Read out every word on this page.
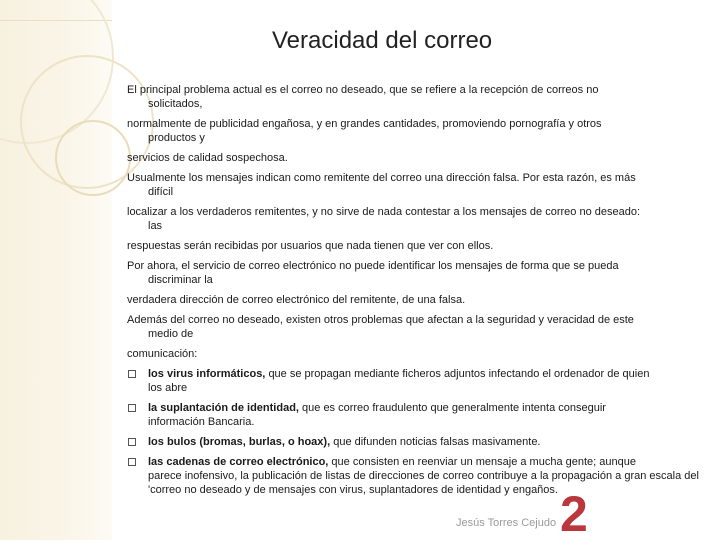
Veracidad del correo

El principal problema actual es el correo no deseado, que se refiere a la recepción de correos no
solicitados,

normalmente de publicidad engañosa, y en grandes cantidades, promoviendo pornografía y otros
productos y

servicios de calidad sospechosa.

Usualmente los mensajes indican como remitente del correo una dirección falsa. Por esta razón, es más
difícil

localizar a los verdaderos remitentes, y no sirve de nada contestar a los mensajes de correo no deseado:
las

respuestas serán recibidas por usuarios que nada tienen que ver con ellos.

Por ahora, el servicio de correo electrónico no puede identificar los mensajes de forma que se pueda
discriminar la

verdadera dirección de correo electrónico del remitente, de una falsa.

Además del correo no deseado, existen otros problemas que afectan a la seguridad y veracidad de este
medio de

comunicación:

los virus informáticos, que se propagan mediante ficheros adjuntos infectando el ordenador de quien
los abre
la suplantación de identidad, que es correo fraudulento que generalmente intenta conseguir
información Bancaria.
los bulos (bromas, burlas, o hoax), que difunden noticias falsas masivamente.
las cadenas de correo electrónico, que consisten en reenviar un mensaje a mucha gente; aunque
parece inofensivo, la publicación de listas de direcciones de correo contribuye a la propagación a gran escala del 'correo no deseado y de mensajes con virus, suplantadores de identidad y engaños.
Jesús Torres Cejudo 2
